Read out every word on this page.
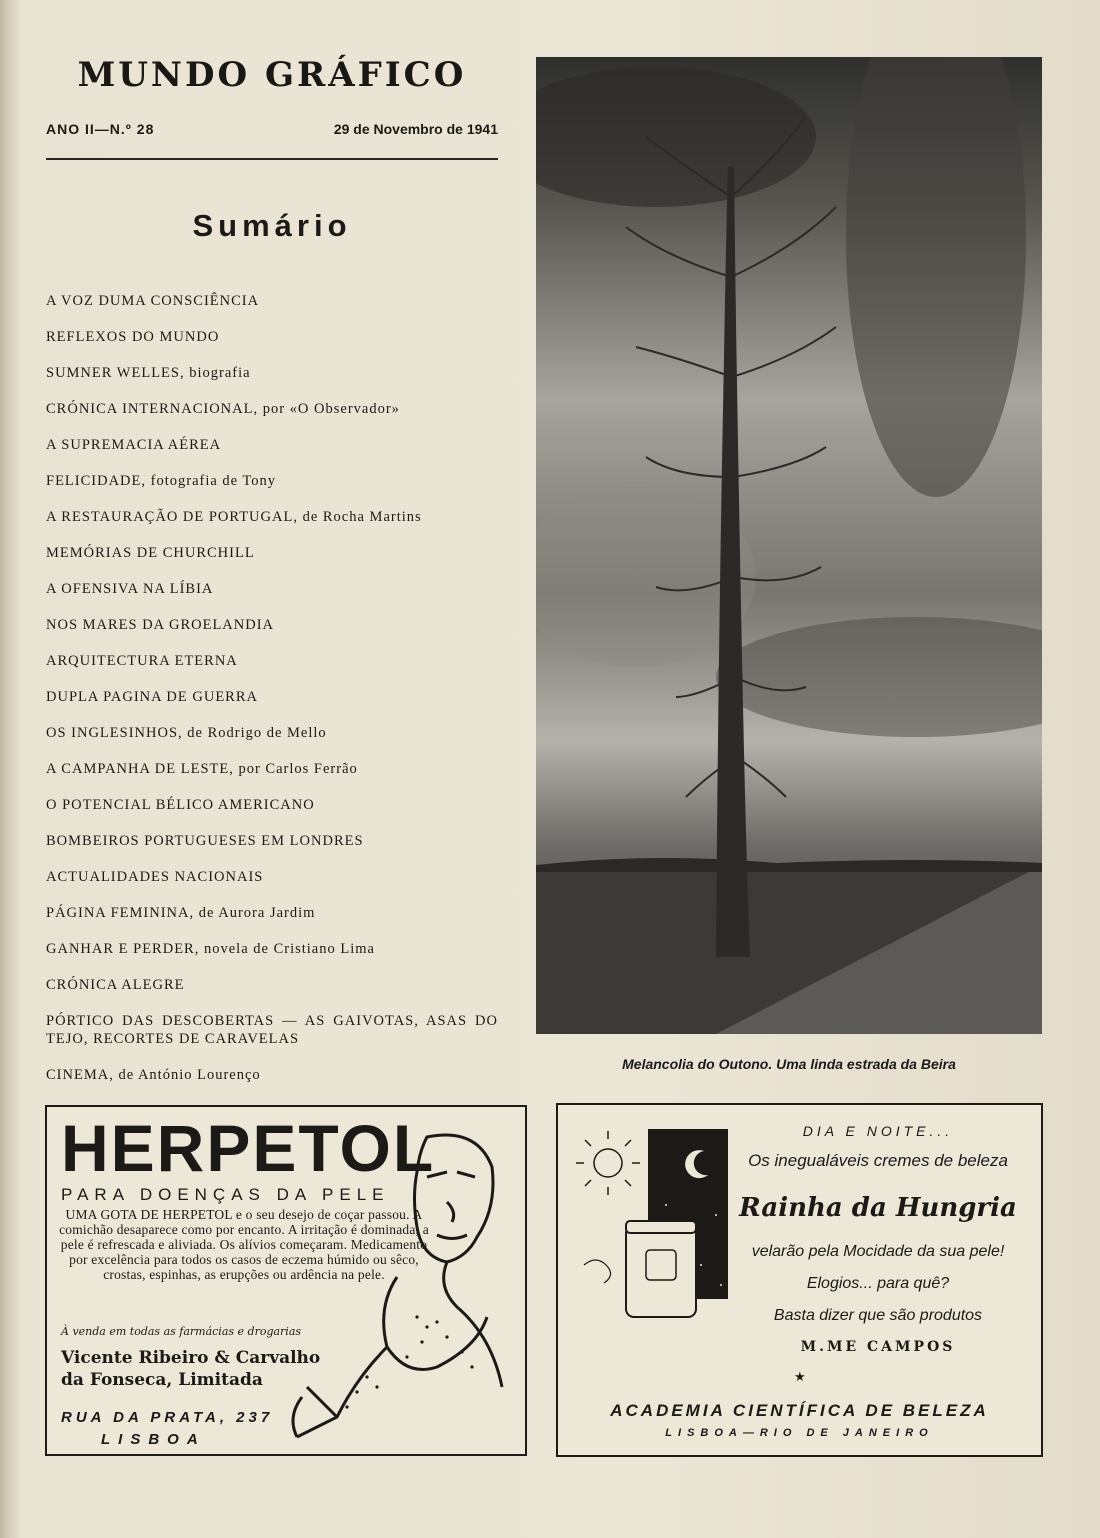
MUNDO GRÁFICO
ANO II—N.º 28	29 de Novembro de 1941
Sumário
A VOZ DUMA CONSCIÊNCIA
REFLEXOS DO MUNDO
SUMNER WELLES, biografia
CRÓNICA INTERNACIONAL, por «O Observador»
A SUPREMACIA AÉREA
FELICIDADE, fotografia de Tony
A RESTAURAÇÃO DE PORTUGAL, de Rocha Martins
MEMÓRIAS DE CHURCHILL
A OFENSIVA NA LÍBIA
NOS MARES DA GROELANDIA
ARQUITECTURA ETERNA
DUPLA PAGINA DE GUERRA
OS INGLESINHOS, de Rodrigo de Mello
A CAMPANHA DE LESTE, por Carlos Ferrão
O POTENCIAL BÉLICO AMERICANO
BOMBEIROS PORTUGUESES EM LONDRES
ACTUALIDADES NACIONAIS
PÁGINA FEMININA, de Aurora Jardim
GANHAR E PERDER, novela de Cristiano Lima
CRÓNICA ALEGRE
PÓRTICO DAS DESCOBERTAS — AS GAIVOTAS, ASAS DO TEJO, RECORTES DE CARAVELAS
CINEMA, de António Lourenço
Melancolia do Outono. Uma linda estrada da Beira
HERPETOL
PARA DOENÇAS DA PELE
UMA GOTA DE HERPETOL e o seu desejo de coçar passou. A comichão desaparece como por encanto. A irritação é dominada, a pele é refrescada e aliviada. Os alívios começaram. Medicamento por excelência para todos os casos de eczema húmido ou sêco, crostas, espinhas, as erupções ou ardência na pele.
À venda em todas as farmácias e drogarias
Vicente Ribeiro & Carvalho
da Fonseca, Limitada
RUA DA PRATA, 237
LISBOA
DIA E NOITE...
Os inegualáveis cremes de beleza
Rainha da Hungria
velarão pela Mocidade da sua pele!
Elogios... para quê?
Basta dizer que são produtos
M.ME CAMPOS
★
ACADEMIA CIENTÍFICA DE BELEZA
LISBOA—RIO DE JANEIRO
